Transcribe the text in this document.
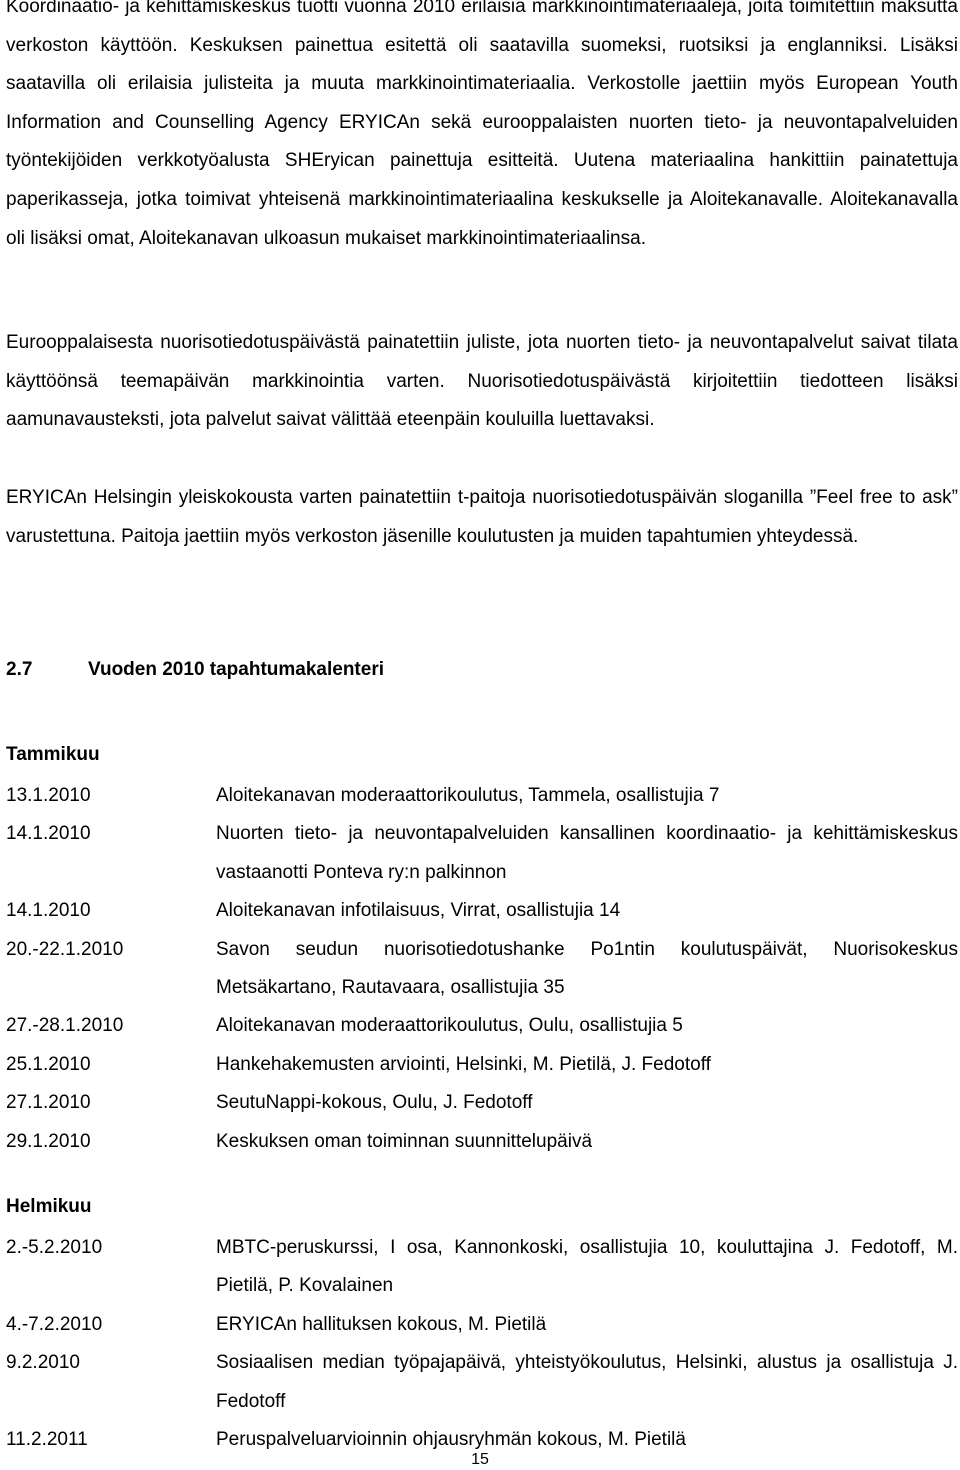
Koordinaatio- ja kehittämiskeskus tuotti vuonna 2010 erilaisia markkinointimateriaaleja, joita toimitettiin maksutta verkoston käyttöön. Keskuksen painettua esitettä oli saatavilla suomeksi, ruotsiksi ja englanniksi. Lisäksi saatavilla oli erilaisia julisteita ja muuta markkinointimateriaalia. Verkostolle jaettiin myös European Youth Information and Counselling Agency ERYICAn sekä eurooppalaisten nuorten tieto- ja neuvontapalveluiden työntekijöiden verkkotyöalusta SHEryican painettuja esitteitä. Uutena materiaalina hankittiin painatettuja paperikasseja, jotka toimivat yhteisenä markkinointimateriaalina keskukselle ja Aloitekanavalle. Aloitekanavalla oli lisäksi omat, Aloitekanavan ulkoasun mukaiset markkinointimateriaalinsa.

Eurooppalaisesta nuorisotiedotuspäivästä painatettiin juliste, jota nuorten tieto- ja neuvontapalvelut saivat tilata käyttöönsä teemapäivän markkinointia varten. Nuorisotiedotuspäivästä kirjoitettiin tiedotteen lisäksi aamunavausteksti, jota palvelut saivat välittää eteenpäin kouluilla luettavaksi.

ERYICAn Helsingin yleiskokousta varten painatettiin t-paitoja nuorisotiedotuspäivän sloganilla ”Feel free to ask” varustettuna. Paitoja jaettiin myös verkoston jäsenille koulutusten ja muiden tapahtumien yhteydessä.

2.7	Vuoden 2010 tapahtumakalenteri
Tammikuu
13.1.2010	Aloitekanavan moderaattorikoulutus, Tammela, osallistujia 7
14.1.2010	Nuorten tieto- ja neuvontapalveluiden kansallinen koordinaatio- ja kehittämiskeskus vastaanotti Ponteva ry:n palkinnon
14.1.2010	Aloitekanavan infotilaisuus, Virrat, osallistujia 14
20.-22.1.2010	Savon seudun nuorisotiedotushanke Po1ntin koulutuspäivät, Nuorisokeskus Metsäkartano, Rautavaara, osallistujia 35
27.-28.1.2010	Aloitekanavan moderaattorikoulutus, Oulu, osallistujia 5
25.1.2010	Hankehakemusten arviointi, Helsinki, M. Pietilä, J. Fedotoff
27.1.2010	SeutuNappi-kokous, Oulu, J. Fedotoff
29.1.2010	Keskuksen oman toiminnan suunnittelupäivä
Helmikuu
2.-5.2.2010	MBTC-peruskurssi, I osa, Kannonkoski, osallistujia 10, kouluttajina J. Fedotoff, M. Pietilä, P. Kovalainen
4.-7.2.2010	ERYICAn hallituksen kokous, M. Pietilä
9.2.2010	Sosiaalisen median työpajapäivä, yhteistyökoulutus, Helsinki, alustus ja osallistuja J. Fedotoff
11.2.2011	Peruspalveluarvioinnin ohjausryhmän kokous, M. Pietilä
15
